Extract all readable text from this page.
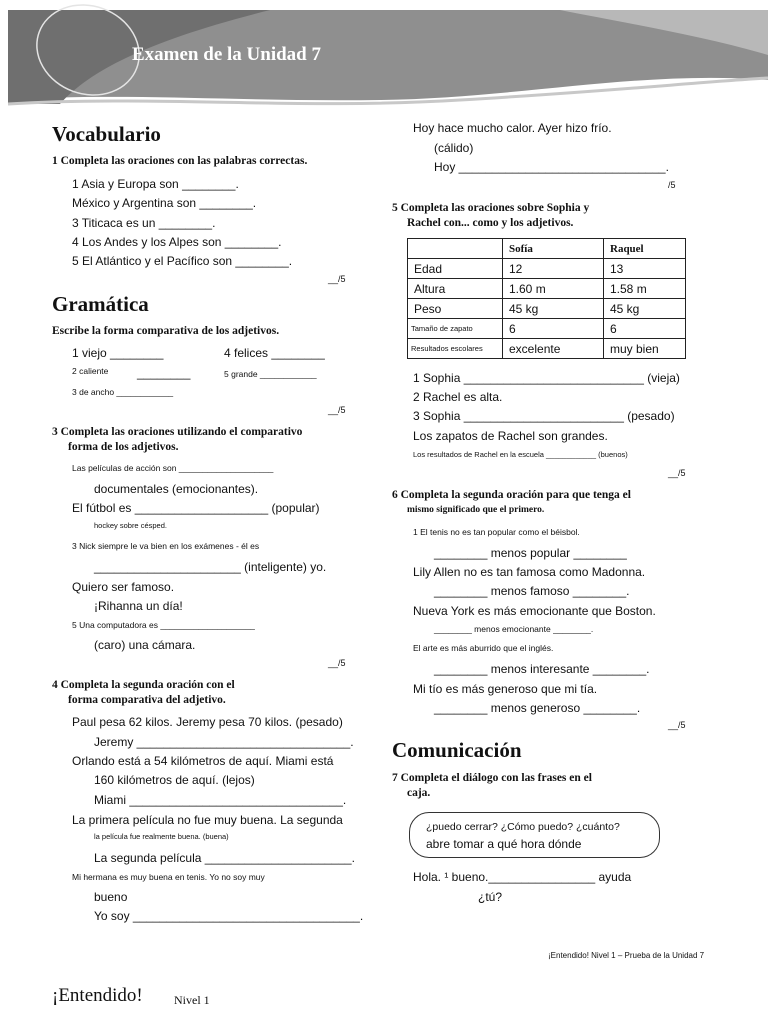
Examen de la Unidad 7
Vocabulario
1 Completa las oraciones con las palabras correctas.
1 Asia y Europa son ________.
México y Argentina son ________.
3 Titicaca es un ________.
4 Los Andes y los Alpes son ________.
5 El Atlántico y el Pacífico son ________.
__/5
Gramática
Escribe la forma comparativa de los adjetivos.
1 viejo ________	4 felices ________
2 caliente ________	5 grande ____________
3 de ancho ____________
__/5
3 Completa las oraciones utilizando el comparativo
forma de los adjetivos.
Las películas de acción son ____________________
documentales (emocionantes).
El fútbol es ____________________ (popular)
hockey sobre césped.
3 Nick siempre le va bien en los exámenes - él es
______________________ (inteligente) yo.
Quiero ser famoso.
¡Rihanna un día!
5 Una computadora es ____________________
(caro) una cámara.
__/5
4 Completa la segunda oración con el
forma comparativa del adjetivo.
Paul pesa 62 kilos. Jeremy pesa 70 kilos. (pesado)
Jeremy ________________________________.
Orlando está a 54 kilómetros de aquí. Miami está
160 kilómetros de aquí. (lejos)
Miami ________________________________.
La primera película no fue muy buena. La segunda
la película fue realmente buena. (buena)
La segunda película ______________________.
Mi hermana es muy buena en tenis. Yo no soy muy
bueno
Yo soy __________________________________.
Hoy hace mucho calor. Ayer hizo frío.
(cálido)
Hoy _______________________________.
/5
5 Completa las oraciones sobre Sophia y
Rachel con... como y los adjetivos.
	Sofía	Raquel
Edad	12	13
Altura	1.60 m	1.58 m
Peso	45 kg	45 kg
Tamaño de zapato	6	6
Resultados escolares	excelente	muy bien
1 Sophia ___________________________ (vieja)
2 Rachel es alta.
3 Sophia ________________________ (pesado)
Los zapatos de Rachel son grandes.
Los resultados de Rachel en la escuela ____________ (buenos)
__/5
6 Completa la segunda oración para que tenga el
mismo significado que el primero.
1 El tenis no es tan popular como el béisbol.
________ menos popular ________
Lily Allen no es tan famosa como Madonna.
________ menos famoso ________.
Nueva York es más emocionante que Boston.
________ menos emocionante ________.
El arte es más aburrido que el inglés.
________ menos interesante ________.
Mi tío es más generoso que mi tía.
________ menos generoso ________.
__/5
Comunicación
7 Completa el diálogo con las frases en el
caja.
¿puedo cerrar? ¿Cómo puedo? ¿cuánto?
abre tomar a qué hora dónde
Hola. ¹ bueno.________________ ayuda
¿tú?
¡Entendido! Nivel 1 – Prueba de la Unidad 7
¡Entendido!	Nivel 1
